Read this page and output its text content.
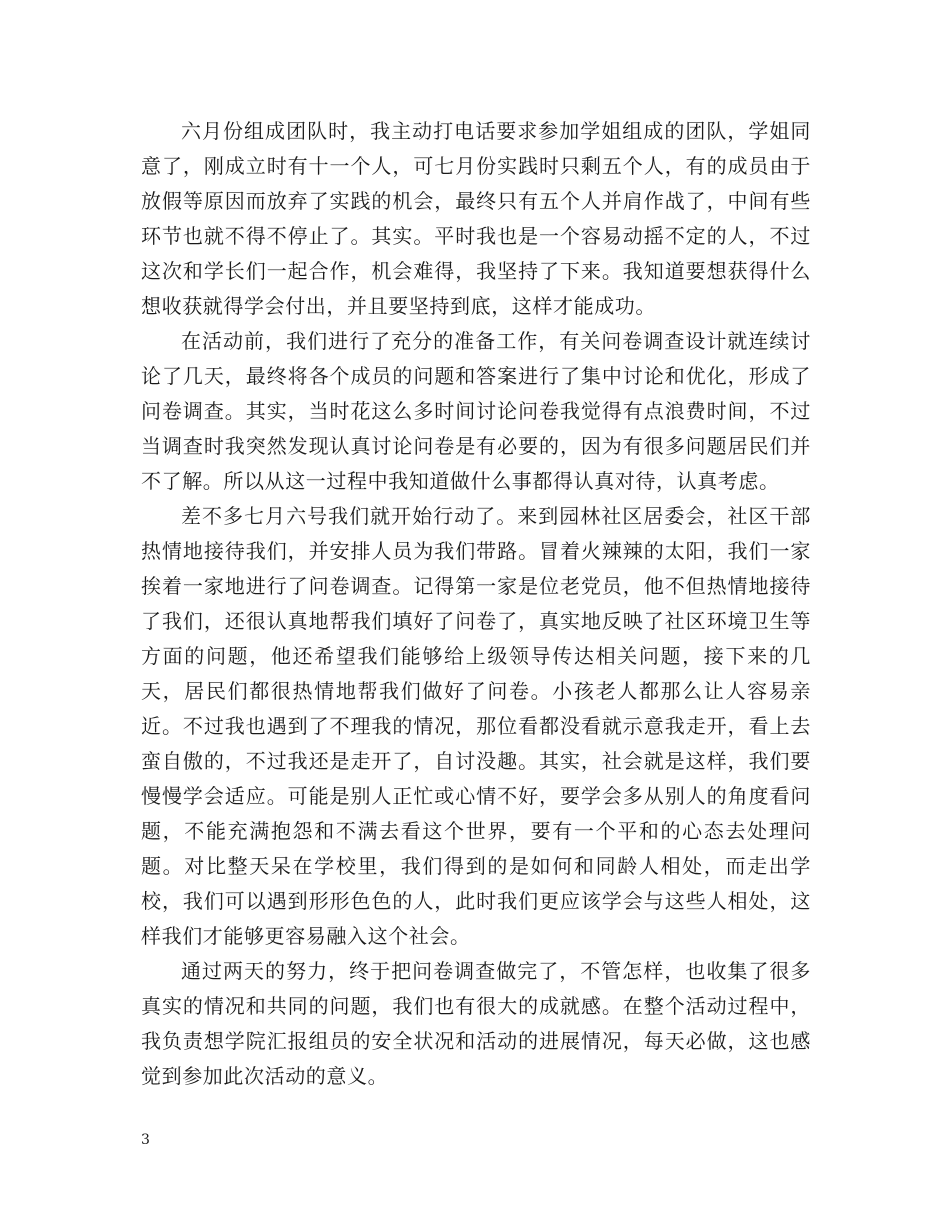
六月份组成团队时，我主动打电话要求参加学姐组成的团队，学姐同意了，刚成立时有十一个人，可七月份实践时只剩五个人，有的成员由于放假等原因而放弃了实践的机会，最终只有五个人并肩作战了，中间有些环节也就不得不停止了。其实。平时我也是一个容易动摇不定的人，不过这次和学长们一起合作，机会难得，我坚持了下来。我知道要想获得什么想收获就得学会付出，并且要坚持到底，这样才能成功。

在活动前，我们进行了充分的准备工作，有关问卷调查设计就连续讨论了几天，最终将各个成员的问题和答案进行了集中讨论和优化，形成了问卷调查。其实，当时花这么多时间讨论问卷我觉得有点浪费时间，不过当调查时我突然发现认真讨论问卷是有必要的，因为有很多问题居民们并不了解。所以从这一过程中我知道做什么事都得认真对待，认真考虑。

差不多七月六号我们就开始行动了。来到园林社区居委会，社区干部热情地接待我们，并安排人员为我们带路。冒着火辣辣的太阳，我们一家挨着一家地进行了问卷调查。记得第一家是位老党员，他不但热情地接待了我们，还很认真地帮我们填好了问卷了，真实地反映了社区环境卫生等方面的问题，他还希望我们能够给上级领导传达相关问题，接下来的几天，居民们都很热情地帮我们做好了问卷。小孩老人都那么让人容易亲近。不过我也遇到了不理我的情况，那位看都没看就示意我走开，看上去蛮自傲的，不过我还是走开了，自讨没趣。其实，社会就是这样，我们要慢慢学会适应。可能是别人正忙或心情不好，要学会多从别人的角度看问题，不能充满抱怨和不满去看这个世界，要有一个平和的心态去处理问题。对比整天呆在学校里，我们得到的是如何和同龄人相处，而走出学校，我们可以遇到形形色色的人，此时我们更应该学会与这些人相处，这样我们才能够更容易融入这个社会。

通过两天的努力，终于把问卷调查做完了，不管怎样，也收集了很多真实的情况和共同的问题，我们也有很大的成就感。在整个活动过程中，我负责想学院汇报组员的安全状况和活动的进展情况，每天必做，这也感觉到参加此次活动的意义。

3
